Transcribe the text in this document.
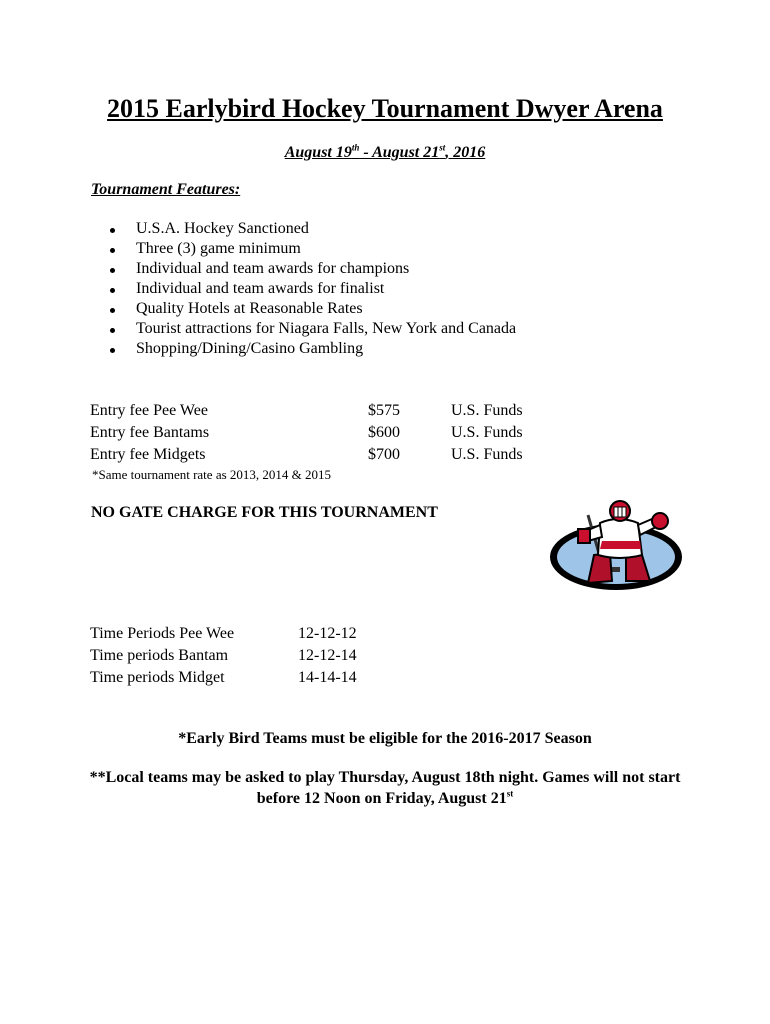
2015 Earlybird Hockey Tournament Dwyer Arena
August 19th - August 21st, 2016
Tournament Features:
U.S.A. Hockey Sanctioned
Three (3) game minimum
Individual and team awards for champions
Individual and team awards for finalist
Quality Hotels at Reasonable Rates
Tourist attractions for Niagara Falls, New York and Canada
Shopping/Dining/Casino Gambling
Entry fee Pee Wee	$575	U.S. Funds
Entry fee Bantams	$600	U.S. Funds
Entry fee Midgets	$700	U.S. Funds
*Same tournament rate as 2013, 2014 & 2015
NO GATE CHARGE FOR THIS TOURNAMENT
Time Periods Pee Wee	12-12-12
Time periods Bantam	12-12-14
Time periods Midget	14-14-14
*Early Bird Teams must be eligible for the 2016-2017 Season
**Local teams may be asked to play Thursday, August 18th night. Games will not start before 12 Noon on Friday, August 21st
